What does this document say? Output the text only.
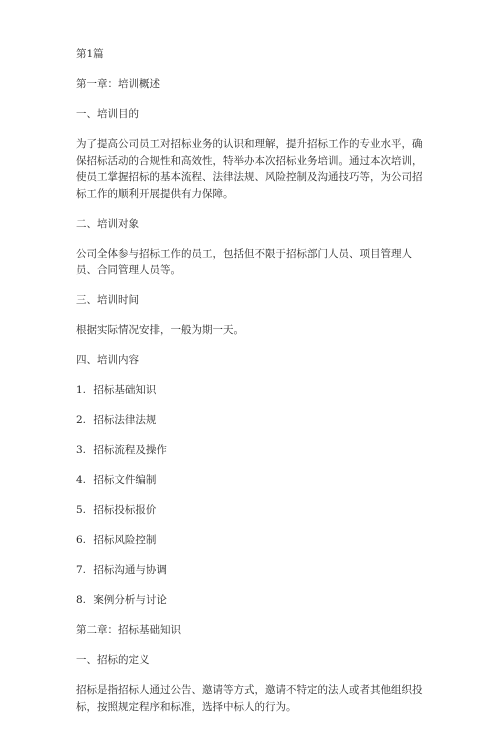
第1篇

第一章：培训概述

一、培训目的

为了提高公司员工对招标业务的认识和理解，提升招标工作的专业水平，确保招标活动的合规性和高效性，特举办本次招标业务培训。通过本次培训，使员工掌握招标的基本流程、法律法规、风险控制及沟通技巧等，为公司招标工作的顺利开展提供有力保障。

二、培训对象

公司全体参与招标工作的员工，包括但不限于招标部门人员、项目管理人员、合同管理人员等。

三、培训时间

根据实际情况安排，一般为期一天。

四、培训内容

1. 招标基础知识

2. 招标法律法规

3. 招标流程及操作

4. 招标文件编制

5. 招标投标报价

6. 招标风险控制

7. 招标沟通与协调

8. 案例分析与讨论

第二章：招标基础知识

一、招标的定义

招标是指招标人通过公告、邀请等方式，邀请不特定的法人或者其他组织投标，按照规定程序和标准，选择中标人的行为。
